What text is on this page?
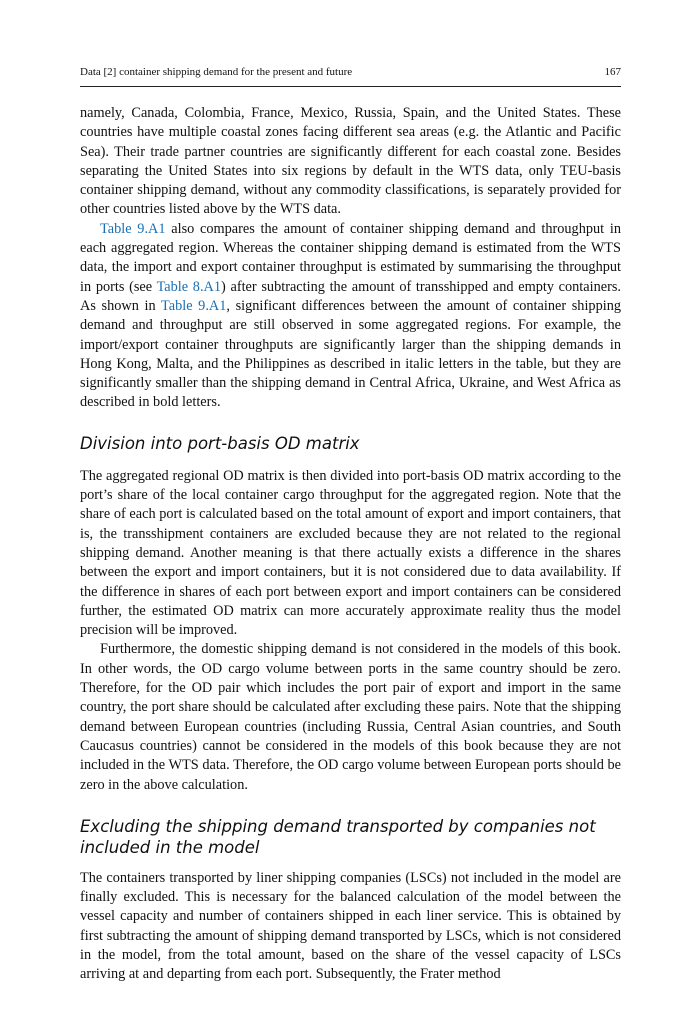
Data [2] container shipping demand for the present and future	167

namely, Canada, Colombia, France, Mexico, Russia, Spain, and the United States. These countries have multiple coastal zones facing different sea areas (e.g. the Atlantic and Pacific Sea). Their trade partner countries are significantly different for each coastal zone. Besides separating the United States into six regions by default in the WTS data, only TEU-basis container shipping demand, without any commodity classifications, is separately provided for other countries listed above by the WTS data.

Table 9.A1 also compares the amount of container shipping demand and throughput in each aggregated region. Whereas the container shipping demand is estimated from the WTS data, the import and export container throughput is estimated by summarising the throughput in ports (see Table 8.A1) after subtracting the amount of transshipped and empty containers. As shown in Table 9.A1, significant differences between the amount of container shipping demand and throughput are still observed in some aggregated regions. For example, the import/export container throughputs are significantly larger than the shipping demands in Hong Kong, Malta, and the Philippines as described in italic letters in the table, but they are significantly smaller than the shipping demand in Central Africa, Ukraine, and West Africa as described in bold letters.

Division into port-basis OD matrix

The aggregated regional OD matrix is then divided into port-basis OD matrix according to the port’s share of the local container cargo throughput for the aggregated region. Note that the share of each port is calculated based on the total amount of export and import containers, that is, the transshipment containers are excluded because they are not related to the regional shipping demand. Another meaning is that there actually exists a difference in the shares between the export and import containers, but it is not considered due to data availability. If the difference in shares of each port between export and import containers can be considered further, the estimated OD matrix can more accurately approximate reality thus the model precision will be improved.

Furthermore, the domestic shipping demand is not considered in the models of this book. In other words, the OD cargo volume between ports in the same country should be zero. Therefore, for the OD pair which includes the port pair of export and import in the same country, the port share should be calculated after excluding these pairs. Note that the shipping demand between European countries (including Russia, Central Asian countries, and South Caucasus countries) cannot be considered in the models of this book because they are not included in the WTS data. Therefore, the OD cargo volume between European ports should be zero in the above calculation.

Excluding the shipping demand transported by companies not included in the model

The containers transported by liner shipping companies (LSCs) not included in the model are finally excluded. This is necessary for the balanced calculation of the model between the vessel capacity and number of containers shipped in each liner service. This is obtained by first subtracting the amount of shipping demand transported by LSCs, which is not considered in the model, from the total amount, based on the share of the vessel capacity of LSCs arriving at and departing from each port. Subsequently, the Frater method
